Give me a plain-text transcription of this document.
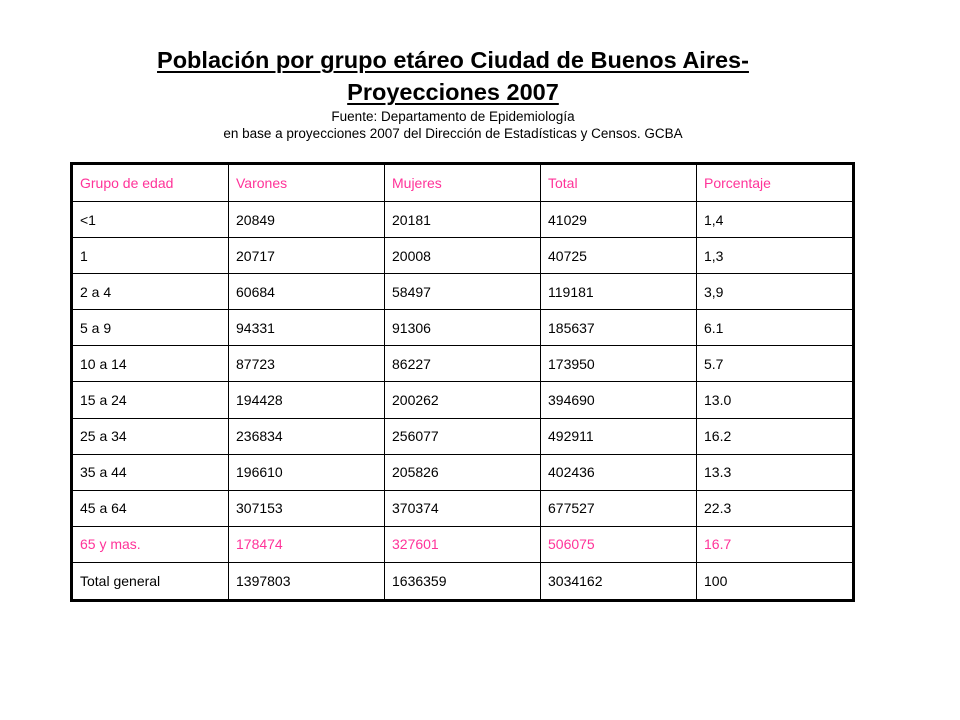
Población por grupo etáreo Ciudad de Buenos Aires-
Proyecciones 2007
Fuente: Departamento de Epidemiología
en base a proyecciones 2007 del Dirección de Estadísticas y Censos. GCBA
Grupo de edad	Varones	Mujeres	Total	Porcentaje
<1	20849	20181	41029	1,4
1	20717	20008	40725	1,3
2 a 4	60684	58497	119181	3,9
5 a 9	94331	91306	185637	6.1
10 a 14	87723	86227	173950	5.7
15 a 24	194428	200262	394690	13.0
25 a 34	236834	256077	492911	16.2
35 a 44	196610	205826	402436	13.3
45 a 64	307153	370374	677527	22.3
65 y mas.	178474	327601	506075	16.7
Total general	1397803	1636359	3034162	100
